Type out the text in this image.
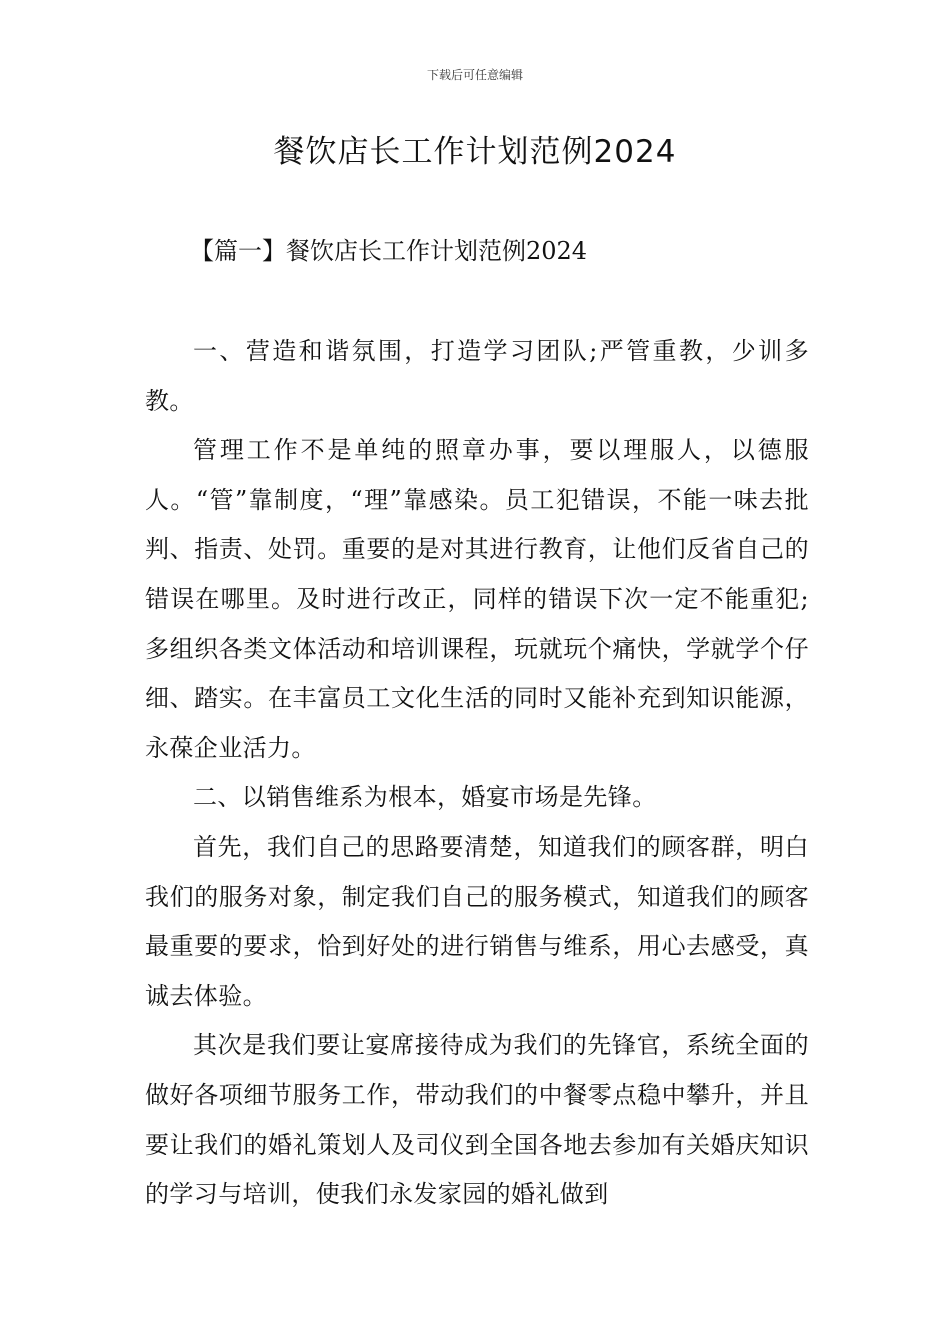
下载后可任意编辑
餐饮店长工作计划范例2024
【篇一】餐饮店长工作计划范例2024

一、营造和谐氛围，打造学习团队;严管重教，少训多教。

管理工作不是单纯的照章办事，要以理服人，以德服人。“管”靠制度，“理”靠感染。员工犯错误，不能一味去批判、指责、处罚。重要的是对其进行教育，让他们反省自己的错误在哪里。及时进行改正，同样的错误下次一定不能重犯;多组织各类文体活动和培训课程，玩就玩个痛快，学就学个仔细、踏实。在丰富员工文化生活的同时又能补充到知识能源，永葆企业活力。

二、以销售维系为根本，婚宴市场是先锋。

首先，我们自己的思路要清楚，知道我们的顾客群，明白我们的服务对象，制定我们自己的服务模式，知道我们的顾客最重要的要求，恰到好处的进行销售与维系，用心去感受，真诚去体验。

其次是我们要让宴席接待成为我们的先锋官，系统全面的做好各项细节服务工作，带动我们的中餐零点稳中攀升，并且要让我们的婚礼策划人及司仪到全国各地去参加有关婚庆知识的学习与培训，使我们永发家园的婚礼做到
